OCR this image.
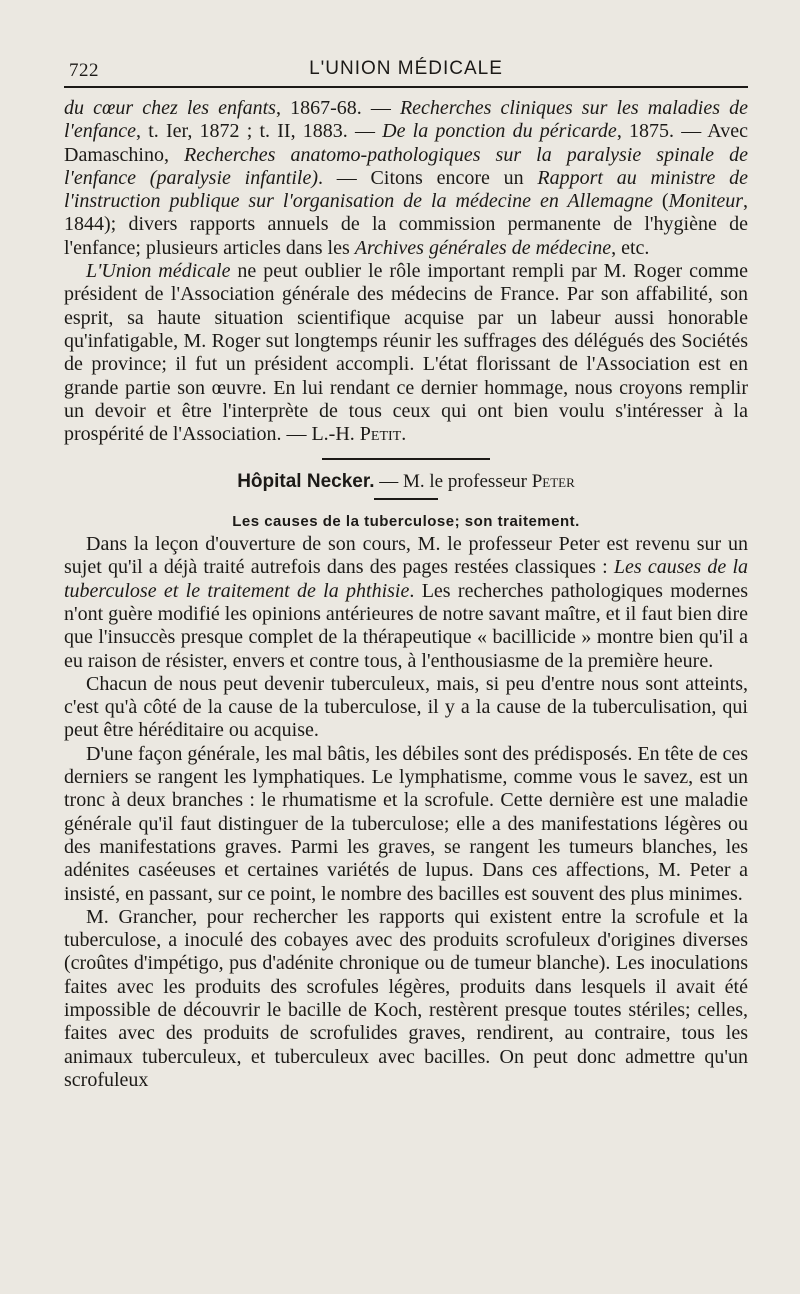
722	L'UNION MÉDICALE

du cœur chez les enfants, 1867-68. — Recherches cliniques sur les maladies de l'enfance, t. Ier, 1872 ; t. II, 1883. — De la ponction du péricarde, 1875. — Avec Damaschino, Recherches anatomo-pathologiques sur la paralysie spinale de l'enfance (paralysie infantile). — Citons encore un Rapport au ministre de l'instruction publique sur l'organisation de la médecine en Allemagne (Moniteur, 1844); divers rapports annuels de la commission permanente de l'hygiène de l'enfance; plusieurs articles dans les Archives générales de médecine, etc.

L'Union médicale ne peut oublier le rôle important rempli par M. Roger comme président de l'Association générale des médecins de France. Par son affabilité, son esprit, sa haute situation scientifique acquise par un labeur aussi honorable qu'infatigable, M. Roger sut longtemps réunir les suffrages des délégués des Sociétés de province; il fut un président accompli. L'état florissant de l'Association est en grande partie son œuvre. En lui rendant ce dernier hommage, nous croyons remplir un devoir et être l'interprète de tous ceux qui ont bien voulu s'intéresser à la prospérité de l'Association. — L.-H. Petit.

Hôpital Necker. — M. le professeur Peter

Les causes de la tuberculose; son traitement.

Dans la leçon d'ouverture de son cours, M. le professeur Peter est revenu sur un sujet qu'il a déjà traité autrefois dans des pages restées classiques : Les causes de la tuberculose et le traitement de la phthisie. Les recherches pathologiques modernes n'ont guère modifié les opinions antérieures de notre savant maître, et il faut bien dire que l'insuccès presque complet de la thérapeutique « bacillicide » montre bien qu'il a eu raison de résister, envers et contre tous, à l'enthousiasme de la première heure.

Chacun de nous peut devenir tuberculeux, mais, si peu d'entre nous sont atteints, c'est qu'à côté de la cause de la tuberculose, il y a la cause de la tuberculisation, qui peut être héréditaire ou acquise.

D'une façon générale, les mal bâtis, les débiles sont des prédisposés. En tête de ces derniers se rangent les lymphatiques. Le lymphatisme, comme vous le savez, est un tronc à deux branches : le rhumatisme et la scrofule. Cette dernière est une maladie générale qu'il faut distinguer de la tuberculose; elle a des manifestations légères ou des manifestations graves. Parmi les graves, se rangent les tumeurs blanches, les adénites caséeuses et certaines variétés de lupus. Dans ces affections, M. Peter a insisté, en passant, sur ce point, le nombre des bacilles est souvent des plus minimes.

M. Grancher, pour rechercher les rapports qui existent entre la scrofule et la tuberculose, a inoculé des cobayes avec des produits scrofuleux d'origines diverses (croûtes d'impétigo, pus d'adénite chronique ou de tumeur blanche). Les inoculations faites avec les produits des scrofules légères, produits dans lesquels il avait été impossible de découvrir le bacille de Koch, restèrent presque toutes stériles; celles, faites avec des produits de scrofulides graves, rendirent, au contraire, tous les animaux tuberculeux, et tuberculeux avec bacilles. On peut donc admettre qu'un scrofuleux
